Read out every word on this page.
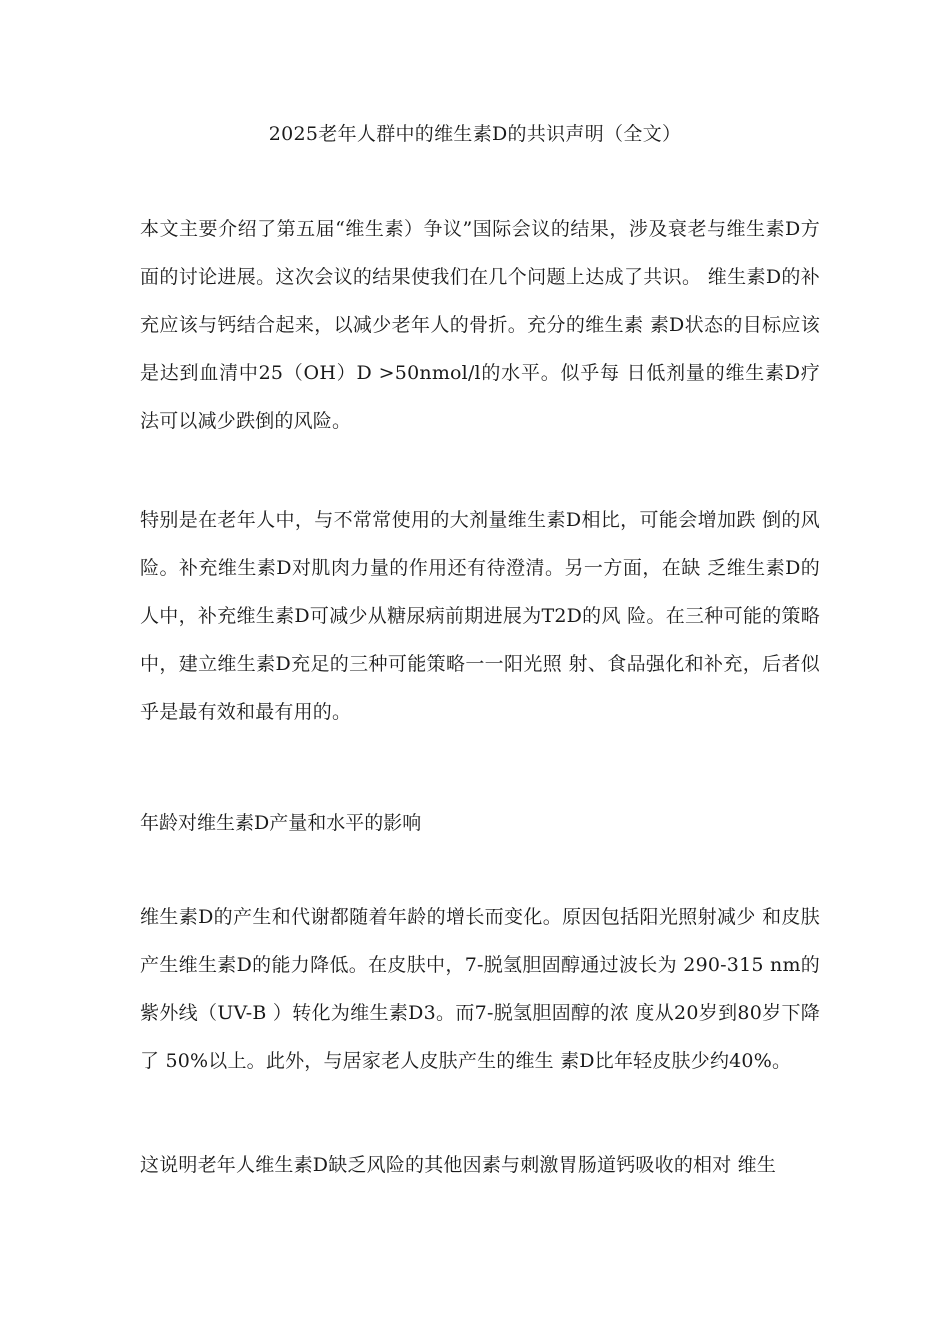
2025老年人群中的维生素D的共识声明（全文）

本文主要介绍了第五届“维生素）争议”国际会议的结果，涉及衰老与维生素D方面的讨论进展。这次会议的结果使我们在几个问题上达成了共识。 维生素D的补充应该与钙结合起来，以减少老年人的骨折。充分的维生素 素D状态的目标应该是达到血清中25（OH）D >50nmol/l的水平。似乎每 日低剂量的维生素D疗法可以减少跌倒的风险。

特别是在老年人中，与不常常使用的大剂量维生素D相比，可能会增加跌 倒的风险。补充维生素D对肌肉力量的作用还有待澄清。另一方面，在缺 乏维生素D的人中，补充维生素D可减少从糖尿病前期进展为T2D的风 险。在三种可能的策略中，建立维生素D充足的三种可能策略一一阳光照 射、食品强化和补充，后者似乎是最有效和最有用的。

年龄对维生素D产量和水平的影响

维生素D的产生和代谢都随着年龄的增长而变化。原因包括阳光照射减少 和皮肤产生维生素D的能力降低。在皮肤中，7-脱氢胆固醇通过波长为 290-315 nm的紫外线（UV-B ）转化为维生素D3。而7-脱氢胆固醇的浓 度从20岁到80岁下降了 50%以上。此外，与居家老人皮肤产生的维生 素D比年轻皮肤少约40%。

这说明老年人维生素D缺乏风险的其他因素与刺激胃肠道钙吸收的相对 维生
